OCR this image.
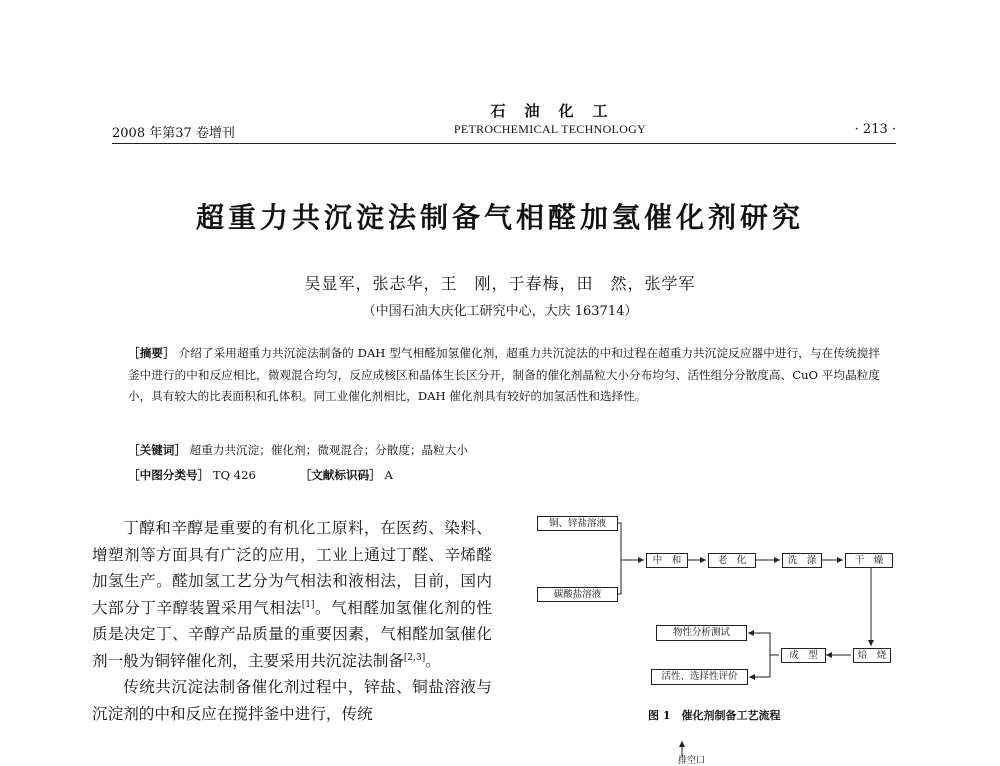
石　油　化　工
2008 年第37 卷增刊	PETROCHEMICAL TECHNOLOGY	· 213 ·
超重力共沉淀法制备气相醛加氢催化剂研究
吴显军，张志华，王　刚，于春梅，田　然，张学军
（中国石油大庆化工研究中心，大庆 163714）
［摘要］ 介绍了采用超重力共沉淀法制备的 DAH 型气相醛加氢催化剂，超重力共沉淀法的中和过程在超重力共沉淀反应器中进行，与在传统搅拌釜中进行的中和反应相比，微观混合均匀，反应成核区和晶体生长区分开，制备的催化剂晶粒大小分布均匀、活性组分分散度高、CuO 平均晶粒度小，具有较大的比表面积和孔体积。同工业催化剂相比，DAH 催化剂具有较好的加氢活性和选择性。
［关键词］ 超重力共沉淀；催化剂；微观混合；分散度；晶粒大小
［中图分类号］ TQ 426	［文献标识码］ A

丁醇和辛醇是重要的有机化工原料，在医药、染料、增塑剂等方面具有广泛的应用，工业上通过丁醛、辛烯醛加氢生产。醛加氢工艺分为气相法和液相法，目前，国内大部分丁辛醇装置采用气相法[1]。气相醛加氢催化剂的性质是决定丁、辛醇产品质量的重要因素，气相醛加氢催化剂一般为铜锌催化剂，主要采用共沉淀法制备[2,3]。

传统共沉淀法制备催化剂过程中，锌盐、铜盐溶液与沉淀剂的中和反应在搅拌釜中进行，传统

铜、锌盐溶液
碳酸盐溶液
中　和	老　化	洗　涤	干　燥
物性分析测试
成　型	焙　烧
活性、选择性评价
图 1　催化剂制备工艺流程
排空口
